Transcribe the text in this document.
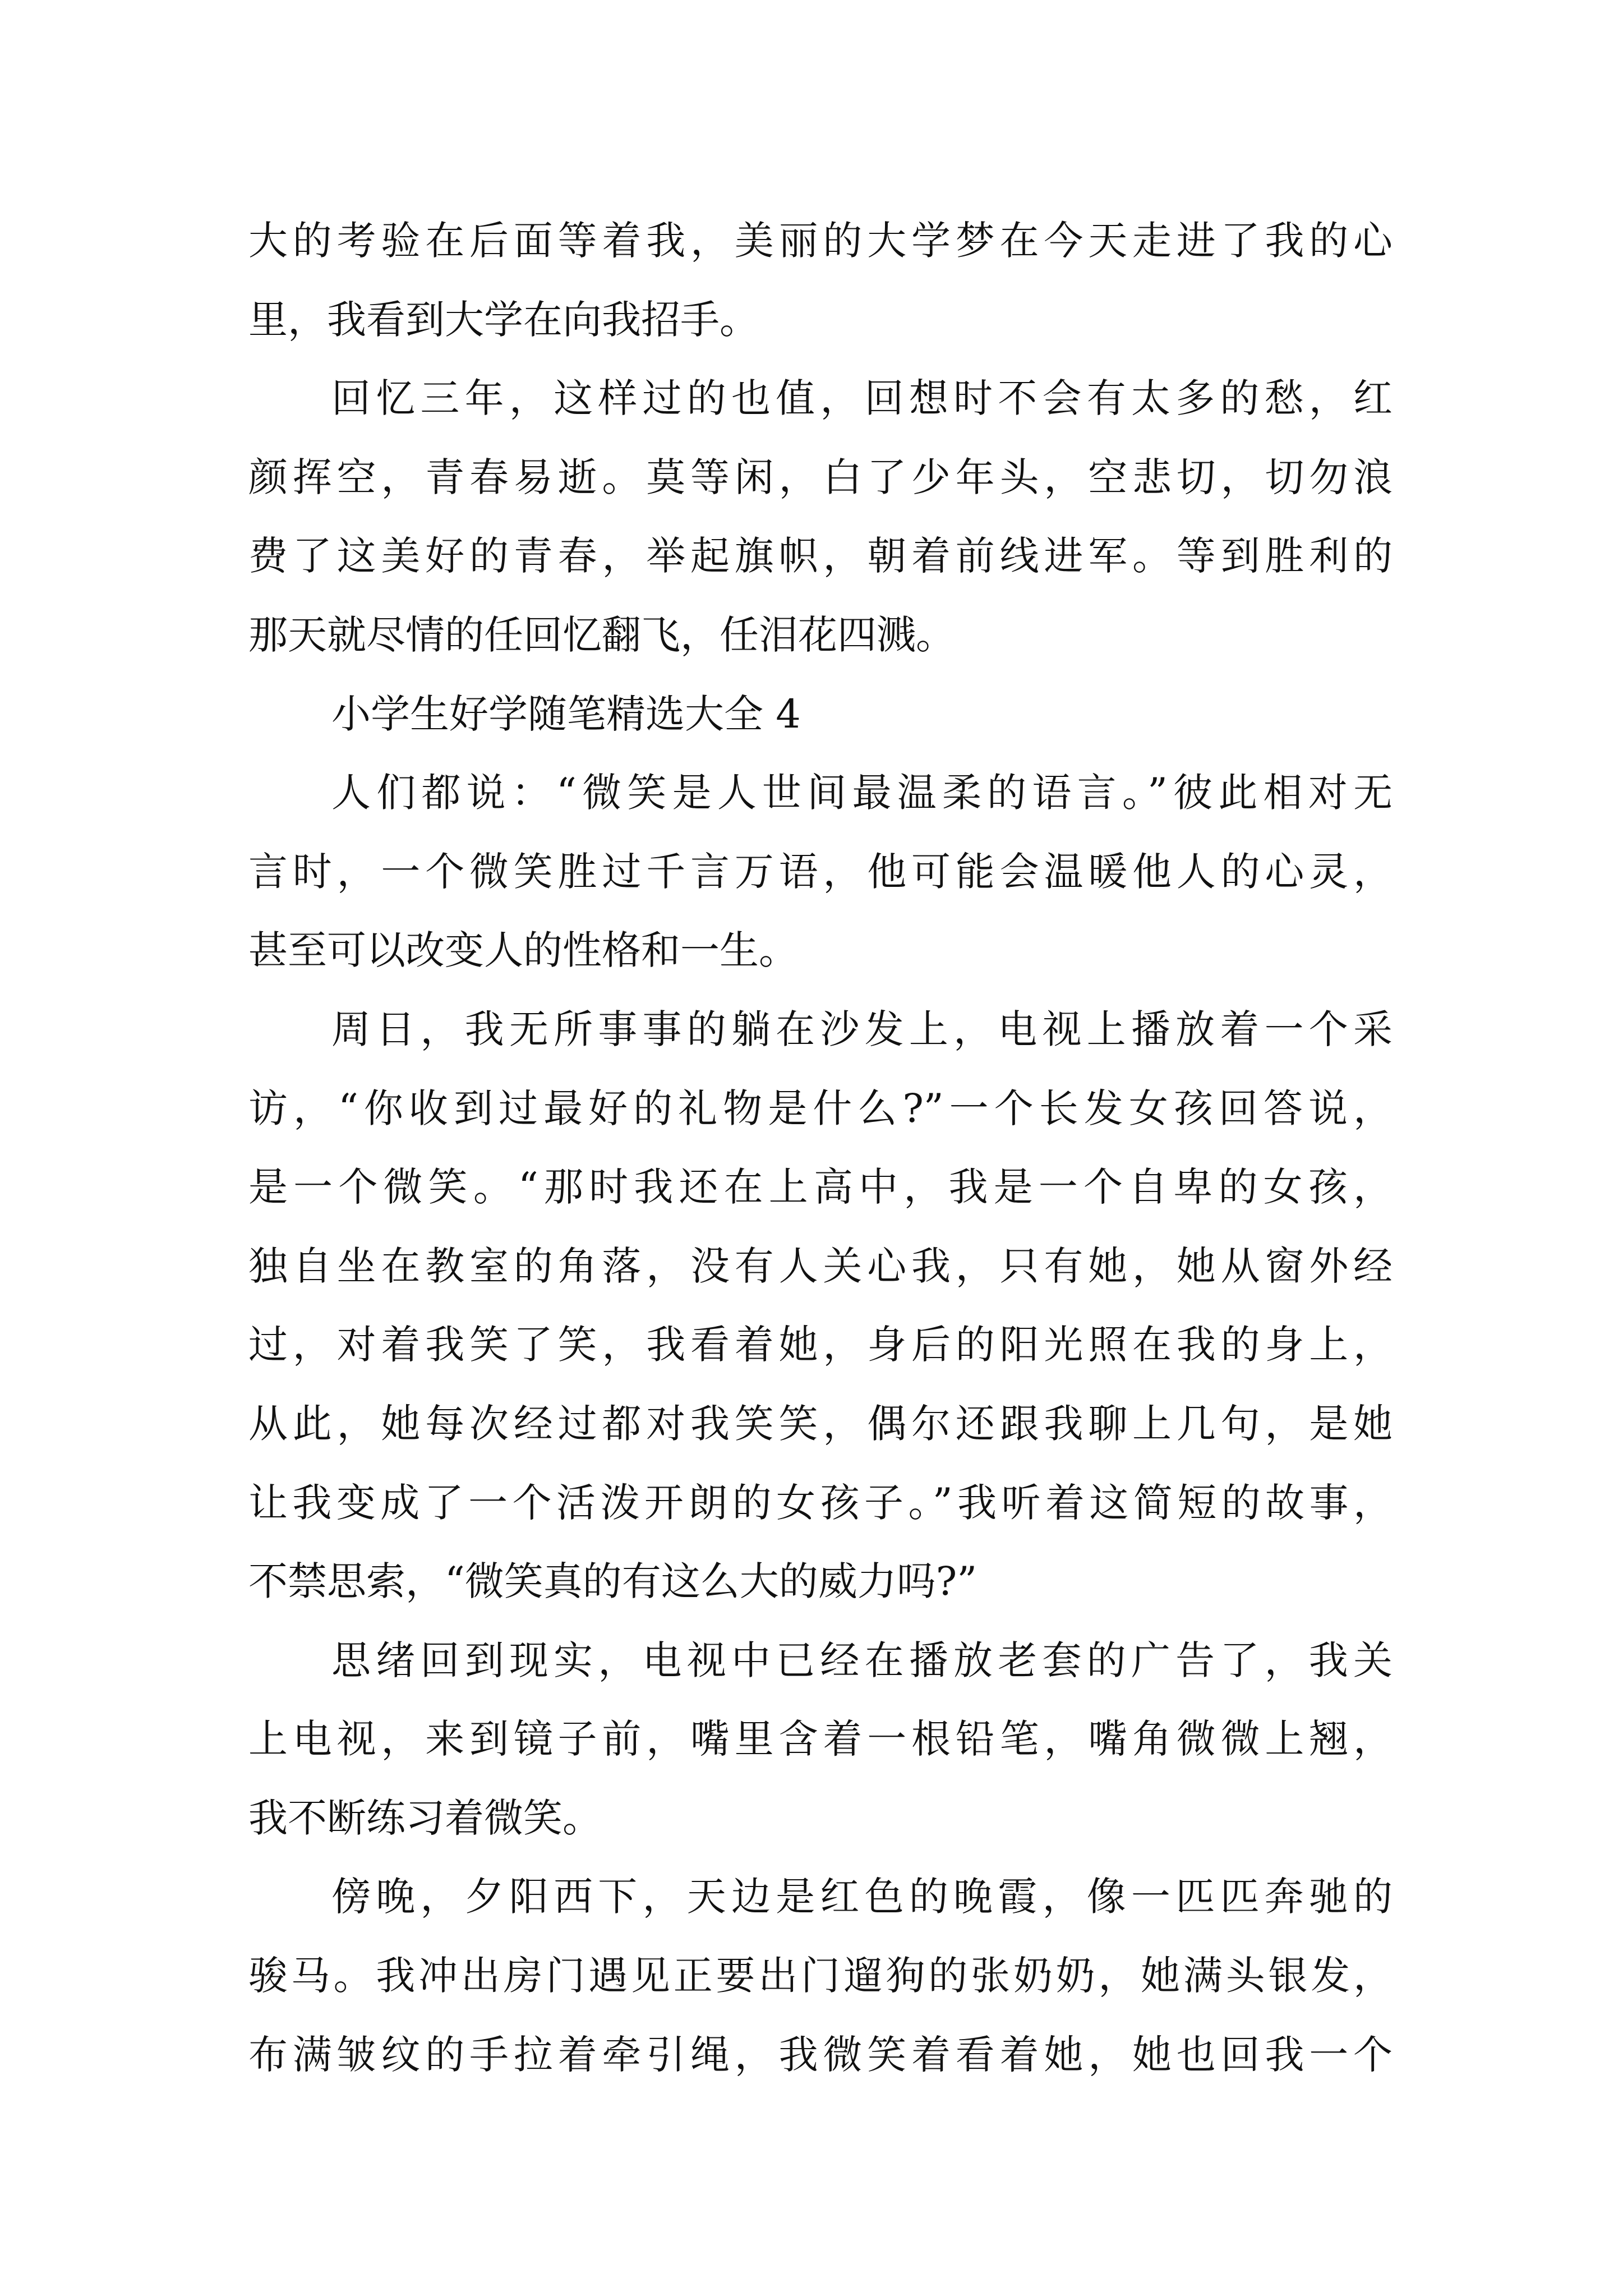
大的考验在后面等着我，美丽的大学梦在今天走进了我的心
里，我看到大学在向我招手。
回忆三年，这样过的也值，回想时不会有太多的愁，红
颜挥空，青春易逝。莫等闲，白了少年头，空悲切，切勿浪
费了这美好的青春，举起旗帜，朝着前线进军。等到胜利的
那天就尽情的任回忆翻飞，任泪花四溅。
小学生好学随笔精选大全 4
人们都说：“微笑是人世间最温柔的语言。”彼此相对无
言时，一个微笑胜过千言万语，他可能会温暖他人的心灵，
甚至可以改变人的性格和一生。
周日，我无所事事的躺在沙发上，电视上播放着一个采
访，“你收到过最好的礼物是什么?”一个长发女孩回答说，
是一个微笑。“那时我还在上高中，我是一个自卑的女孩，
独自坐在教室的角落，没有人关心我，只有她，她从窗外经
过，对着我笑了笑，我看着她，身后的阳光照在我的身上，
从此，她每次经过都对我笑笑，偶尔还跟我聊上几句，是她
让我变成了一个活泼开朗的女孩子。”我听着这简短的故事，
不禁思索，“微笑真的有这么大的威力吗?”
思绪回到现实，电视中已经在播放老套的广告了，我关
上电视，来到镜子前，嘴里含着一根铅笔，嘴角微微上翘，
我不断练习着微笑。
傍晚，夕阳西下，天边是红色的晚霞，像一匹匹奔驰的
骏马。我冲出房门遇见正要出门遛狗的张奶奶，她满头银发，
布满皱纹的手拉着牵引绳，我微笑着看着她，她也回我一个
